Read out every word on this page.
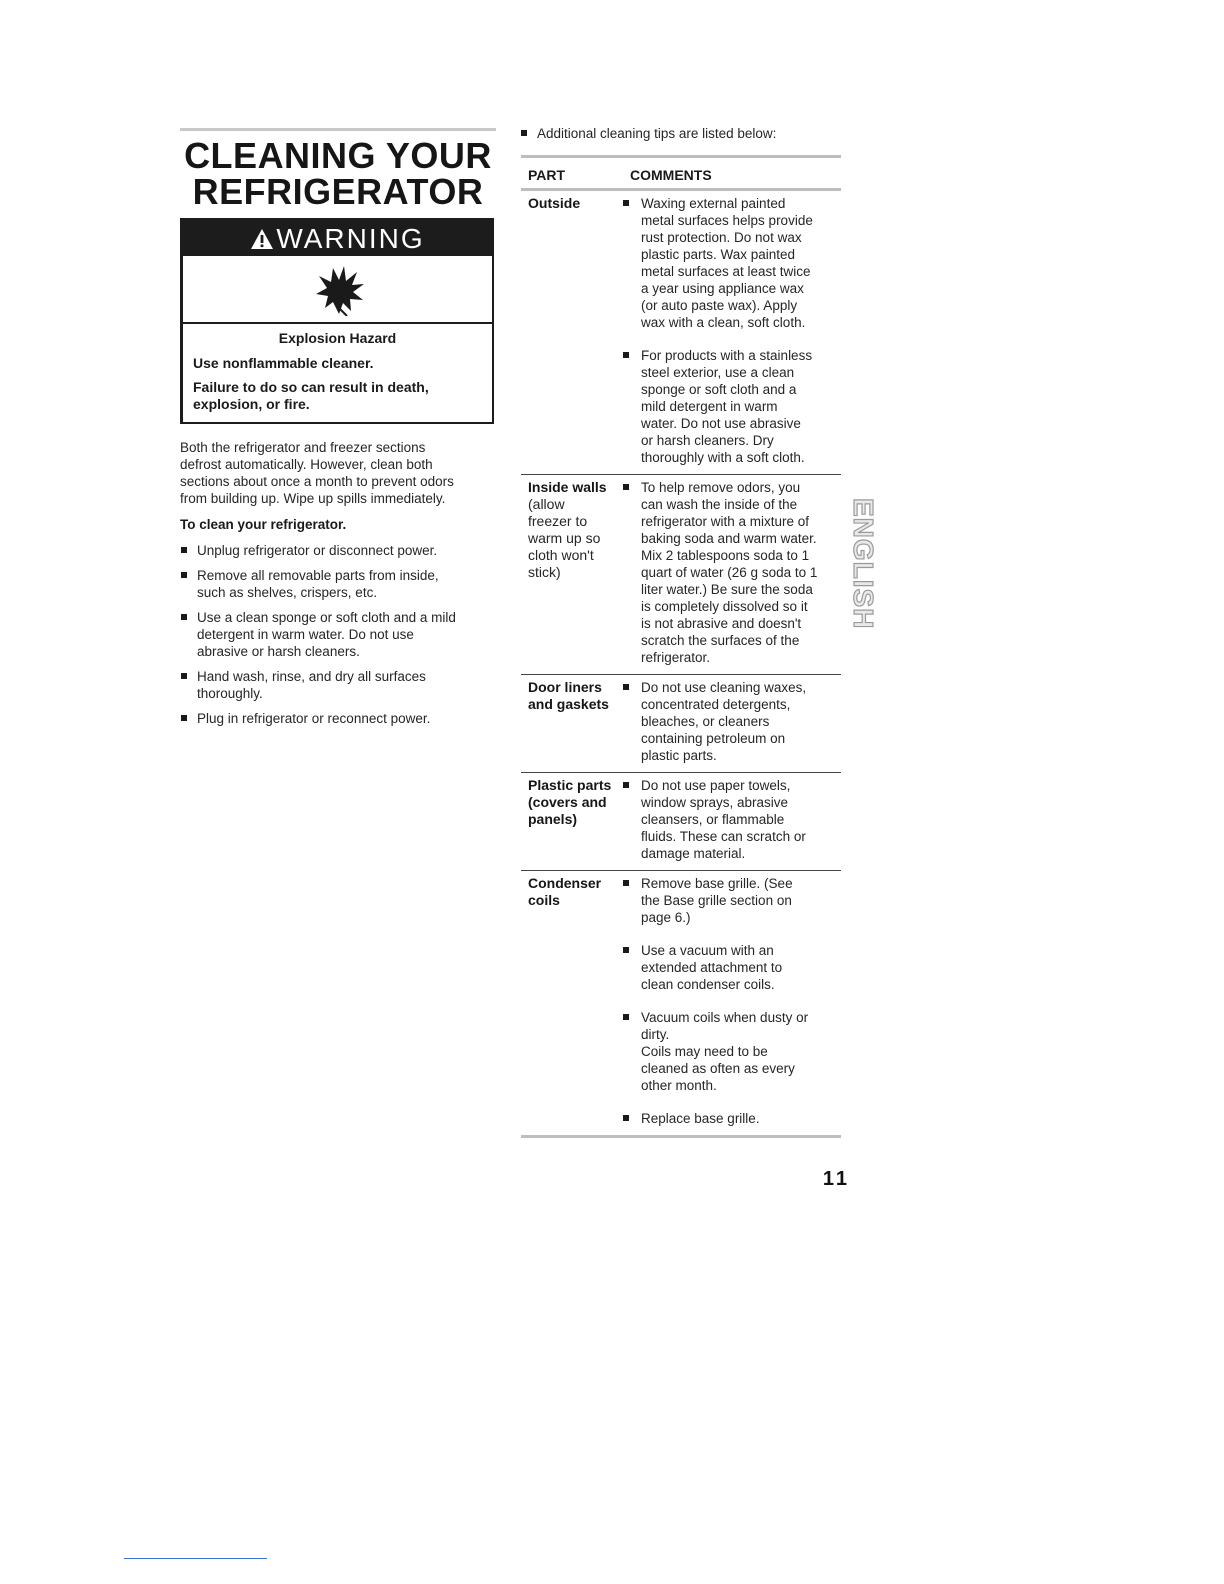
CLEANING YOUR
REFRIGERATOR
WARNING
Explosion Hazard

Use nonflammable cleaner.

Failure to do so can result in death,
explosion, or fire.

Both the refrigerator and freezer sections
defrost automatically. However, clean both
sections about once a month to prevent odors
from building up. Wipe up spills immediately.

To clean your refrigerator.

Unplug refrigerator or disconnect power.
Remove all removable parts from inside,
such as shelves, crispers, etc.
Use a clean sponge or soft cloth and a mild
detergent in warm water. Do not use
abrasive or harsh cleaners.
Hand wash, rinse, and dry all surfaces
thoroughly.
Plug in refrigerator or reconnect power.
Additional cleaning tips are listed below:
PART	COMMENTS
Outside	Waxing external painted
metal surfaces helps provide
rust protection. Do not wax
plastic parts. Wax painted
metal surfaces at least twice
a year using appliance wax
(or auto paste wax). Apply
wax with a clean, soft cloth.
For products with a stainless
steel exterior, use a clean
sponge or soft cloth and a
mild detergent in warm
water. Do not use abrasive
or harsh cleaners. Dry
thoroughly with a soft cloth.
Inside walls
(allow
freezer to
warm up so
cloth won't
stick)
To help remove odors, you
can wash the inside of the
refrigerator with a mixture of
baking soda and warm water.
Mix 2 tablespoons soda to 1
quart of water (26 g soda to 1
liter water.) Be sure the soda
is completely dissolved so it
is not abrasive and doesn't
scratch the surfaces of the
refrigerator.
Door liners
and gaskets
Do not use cleaning waxes,
concentrated detergents,
bleaches, or cleaners
containing petroleum on
plastic parts.
Plastic parts
(covers and
panels)
Do not use paper towels,
window sprays, abrasive
cleansers, or flammable
fluids. These can scratch or
damage material.
Condenser
coils
Remove base grille. (See
the Base grille section on
page 6.)
Use a vacuum with an
extended attachment to
clean condenser coils.
Vacuum coils when dusty or
dirty.
Coils may need to be
cleaned as often as every
other month.
Replace base grille.
ENGLISH
11
